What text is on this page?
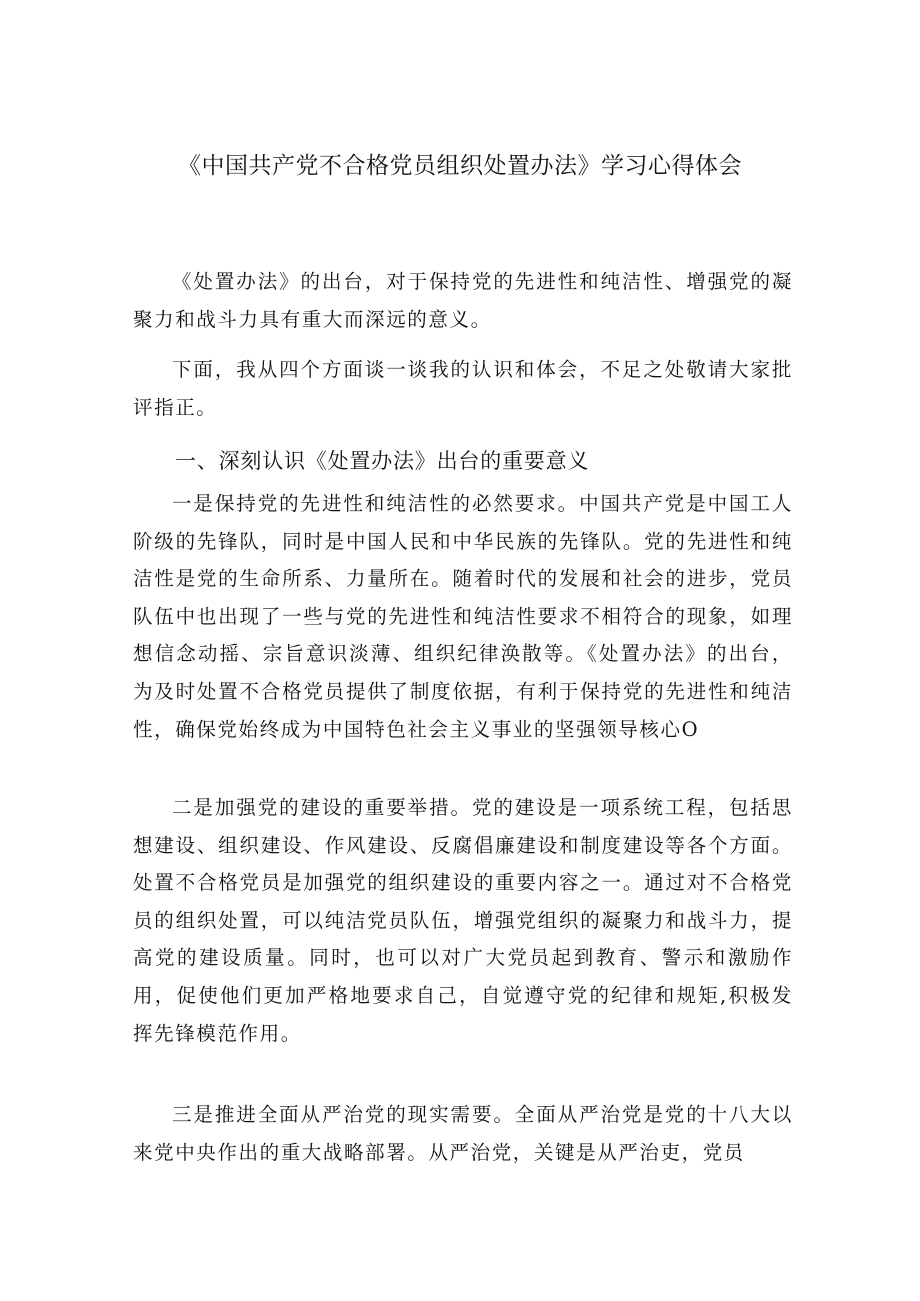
《中国共产党不合格党员组织处置办法》学习心得体会

《处置办法》的出台，对于保持党的先进性和纯洁性、增强党的凝聚力和战斗力具有重大而深远的意义。

下面，我从四个方面谈一谈我的认识和体会，不足之处敬请大家批评指正。

一、深刻认识《处置办法》出台的重要意义

一是保持党的先进性和纯洁性的必然要求。中国共产党是中国工人阶级的先锋队，同时是中国人民和中华民族的先锋队。党的先进性和纯洁性是党的生命所系、力量所在。随着时代的发展和社会的进步，党员队伍中也出现了一些与党的先进性和纯洁性要求不相符合的现象，如理想信念动摇、宗旨意识淡薄、组织纪律涣散等。《处置办法》的出台，为及时处置不合格党员提供了制度依据，有利于保持党的先进性和纯洁性，确保党始终成为中国特色社会主义事业的坚强领导核心O

二是加强党的建设的重要举措。党的建设是一项系统工程，包括思想建设、组织建设、作风建设、反腐倡廉建设和制度建设等各个方面。处置不合格党员是加强党的组织建设的重要内容之一。通过对不合格党员的组织处置，可以纯洁党员队伍，增强党组织的凝聚力和战斗力，提高党的建设质量。同时，也可以对广大党员起到教育、警示和激励作用，促使他们更加严格地要求自己，自觉遵守党的纪律和规矩,积极发挥先锋模范作用。

三是推进全面从严治党的现实需要。全面从严治党是党的十八大以来党中央作出的重大战略部署。从严治党，关键是从严治吏，党员
